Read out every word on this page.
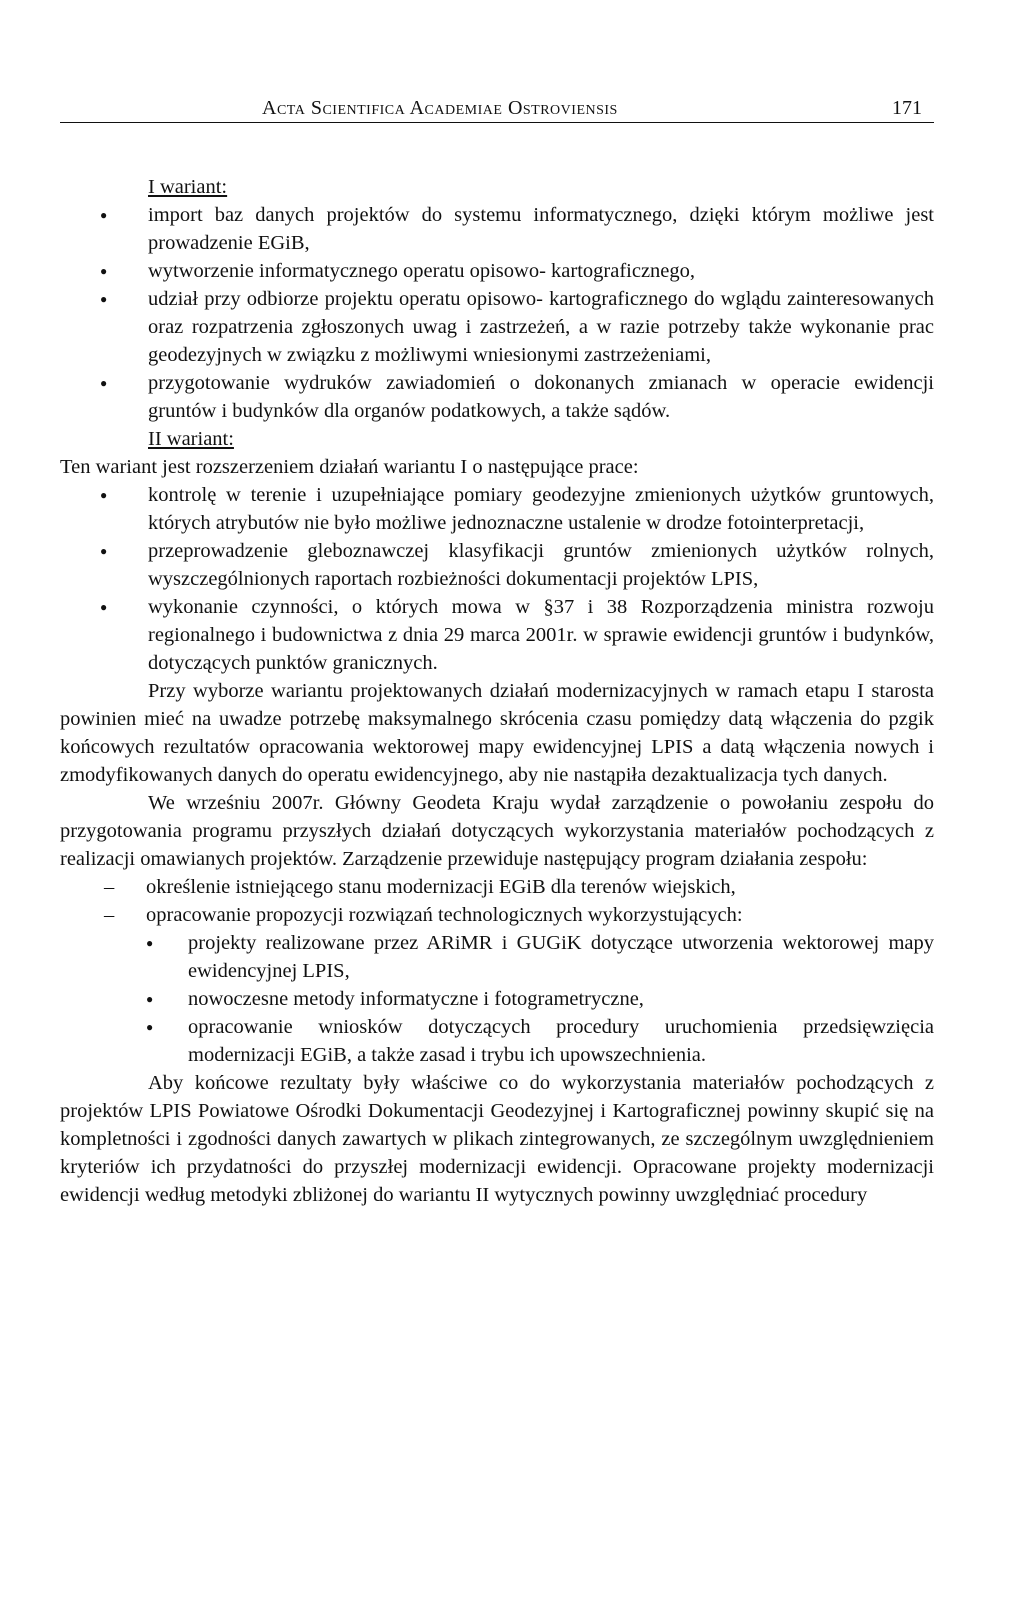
Acta Scientifica Academiae Ostroviensis	171
I wariant:
● import baz danych projektów do systemu informatycznego, dzięki którym możliwe jest prowadzenie EGiB,
● wytworzenie informatycznego operatu opisowo- kartograficznego,
● udział przy odbiorze projektu operatu opisowo- kartograficznego do wglądu zainteresowanych oraz rozpatrzenia zgłoszonych uwag i zastrzeżeń, a w razie potrzeby także wykonanie prac geodezyjnych w związku z możliwymi wniesionymi zastrzeżeniami,
● przygotowanie wydruków zawiadomień o dokonanych zmianach w operacie ewidencji gruntów i budynków dla organów podatkowych, a także sądów.
II wariant:

Ten wariant jest rozszerzeniem działań wariantu I o następujące prace:

● kontrolę w terenie i uzupełniające pomiary geodezyjne zmienionych użytków gruntowych, których atrybutów nie było możliwe jednoznaczne ustalenie w drodze fotointerpretacji,
● przeprowadzenie gleboznawczej klasyfikacji gruntów zmienionych użytków rolnych, wyszczególnionych raportach rozbieżności dokumentacji projektów LPIS,
● wykonanie czynności, o których mowa w §37 i 38 Rozporządzenia ministra rozwoju regionalnego i budownictwa z dnia 29 marca 2001r. w sprawie ewidencji gruntów i budynków, dotyczących punktów granicznych.

Przy wyborze wariantu projektowanych działań modernizacyjnych w ramach etapu I starosta powinien mieć na uwadze potrzebę maksymalnego skrócenia czasu pomiędzy datą włączenia do pzgik końcowych rezultatów opracowania wektorowej mapy ewidencyjnej LPIS a datą włączenia nowych i zmodyfikowanych danych do operatu ewidencyjnego, aby nie nastąpiła dezaktualizacja tych danych.

We wrześniu 2007r. Główny Geodeta Kraju wydał zarządzenie o powołaniu zespołu do przygotowania programu przyszłych działań dotyczących wykorzystania materiałów pochodzących z realizacji omawianych projektów. Zarządzenie przewiduje następujący program działania zespołu:

– określenie istniejącego stanu modernizacji EGiB dla terenów wiejskich,
– opracowanie propozycji rozwiązań technologicznych wykorzystujących:
● projekty realizowane przez ARiMR i GUGiK dotyczące utworzenia wektorowej mapy ewidencyjnej LPIS,
● nowoczesne metody informatyczne i fotogrametryczne,
● opracowanie wniosków dotyczących procedury uruchomienia przedsięwzięcia modernizacji EGiB, a także zasad i trybu ich upowszechnienia.

Aby końcowe rezultaty były właściwe co do wykorzystania materiałów pochodzących z projektów LPIS Powiatowe Ośrodki Dokumentacji Geodezyjnej i Kartograficznej powinny skupić się na kompletności i zgodności danych zawartych w plikach zintegrowanych, ze szczególnym uwzględnieniem kryteriów ich przydatności do przyszłej modernizacji ewidencji. Opracowane projekty modernizacji ewidencji według metodyki zbliżonej do wariantu II wytycznych powinny uwzględniać procedury
